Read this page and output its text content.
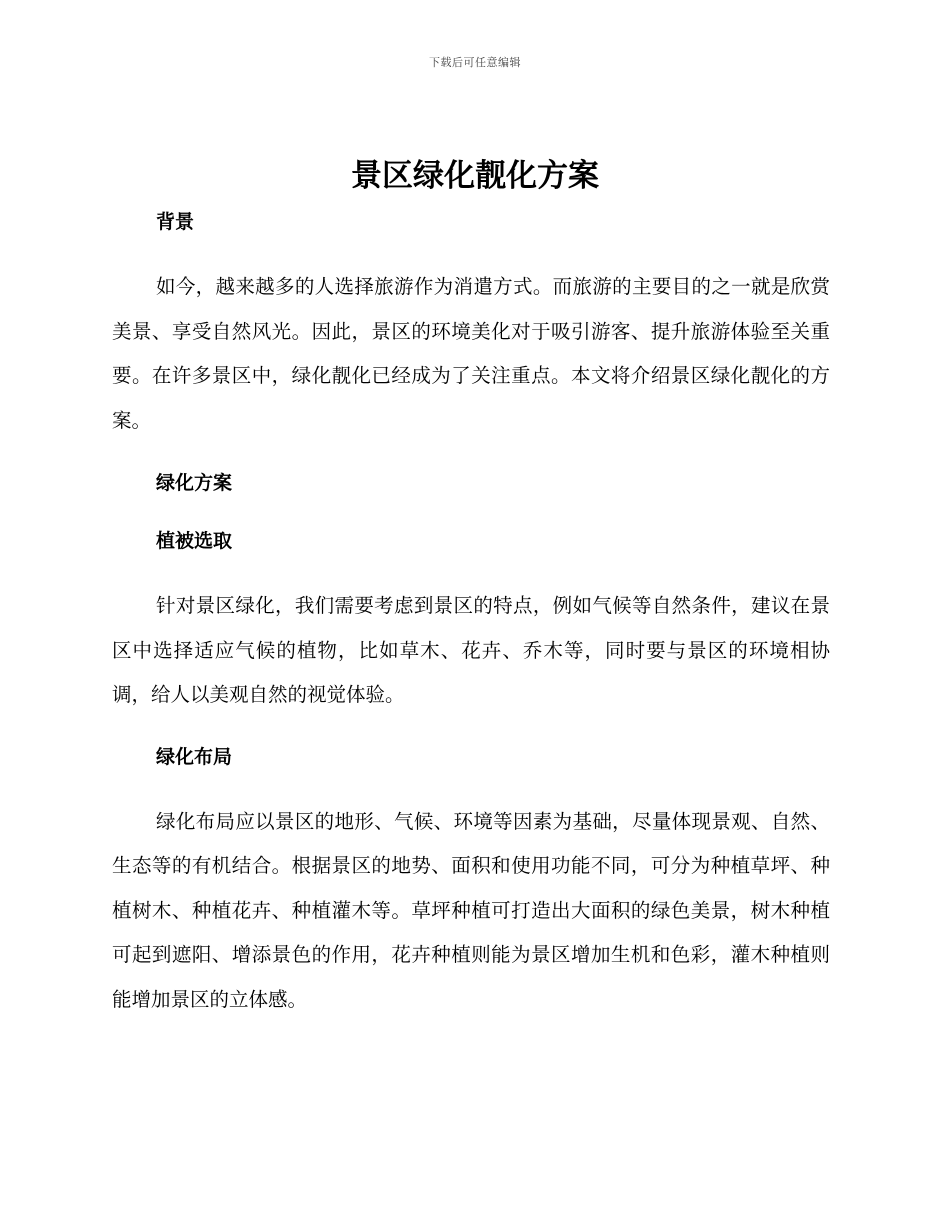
下载后可任意编辑
景区绿化靓化方案
背景

如今，越来越多的人选择旅游作为消遣方式。而旅游的主要目的之一就是欣赏美景、享受自然风光。因此，景区的环境美化对于吸引游客、提升旅游体验至关重要。在许多景区中，绿化靓化已经成为了关注重点。本文将介绍景区绿化靓化的方案。

绿化方案
植被选取

针对景区绿化，我们需要考虑到景区的特点，例如气候等自然条件，建议在景区中选择适应气候的植物，比如草木、花卉、乔木等，同时要与景区的环境相协调，给人以美观自然的视觉体验。

绿化布局

绿化布局应以景区的地形、气候、环境等因素为基础，尽量体现景观、自然、生态等的有机结合。根据景区的地势、面积和使用功能不同，可分为种植草坪、种植树木、种植花卉、种植灌木等。草坪种植可打造出大面积的绿色美景，树木种植可起到遮阳、增添景色的作用，花卉种植则能为景区增加生机和色彩，灌木种植则能增加景区的立体感。
